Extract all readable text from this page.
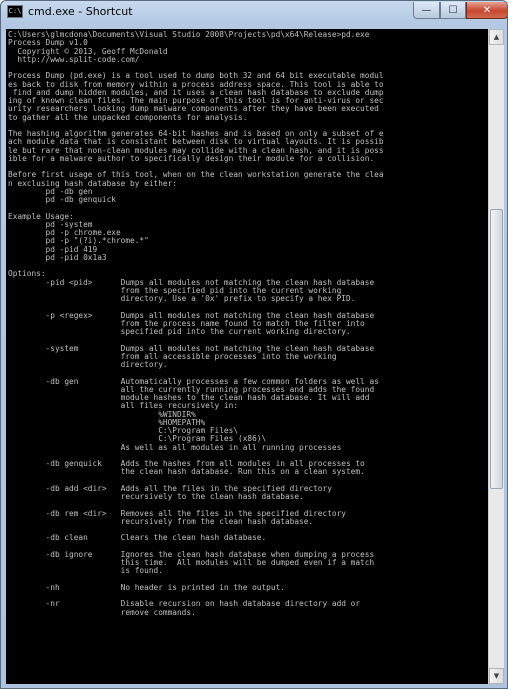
C:\ cmd.exe - Shortcut	— ☐	✕
C:\Users\glmcdona\Documents\Visual Studio 2008\Projects\pd\x64\Release>pd.exe
Process Dump v1.0
Copyright © 2013, Geoff McDonald
http://www.split-code.com/

Process Dump (pd.exe) is a tool used to dump both 32 and 64 bit executable modul
es back to disk from memory within a process address space. This tool is able to
find and dump hidden modules, and it uses a clean hash database to exclude dump
ing of known clean files. The main purpose of this tool is for anti-virus or sec
urity researchers looking dump malware components after they have been executed
to gather all the unpacked components for analysis.

The hashing algorithm generates 64-bit hashes and is based on only a subset of e
ach module data that is consistant between disk to virtual layouts. It is possib
le but rare that non-clean modules may collide with a clean hash, and it is poss
ible for a malware author to specifically design their module for a collision.

Before first usage of this tool, when on the clean workstation generate the clea
n exclusing hash database by either:
pd -db gen
pd -db genquick

Example Usage:
pd -system
pd -p chrome.exe
pd -p "(?i).*chrome.*"
pd -pid 419
pd -pid 0x1a3

Options:
-pid <pid>      Dumps all modules not matching the clean hash database
from the specified pid into the current working
directory. Use a '0x' prefix to specify a hex PID.

-p <regex>      Dumps all modules not matching the clean hash database
from the process name found to match the filter into
specified pid into the current working directory.

-system         Dumps all modules not matching the clean hash database
from all accessible processes into the working
directory.

-db gen         Automatically processes a few common folders as well as
all the currently running processes and adds the found
module hashes to the clean hash database. It will add
all files recursively in:
%WINDIR%
%HOMEPATH%
C:\Program Files\
C:\Program Files (x86)\
As well as all modules in all running processes

-db genquick    Adds the hashes from all modules in all processes to
the clean hash database. Run this on a clean system.

-db add <dir>   Adds all the files in the specified directory
recursively to the clean hash database.

-db rem <dir>   Removes all the files in the specified directory
recursively from the clean hash database.

-db clean       Clears the clean hash database.

-db ignore      Ignores the clean hash database when dumping a process
this time.  All modules will be dumped even if a match
is found.

-nh             No header is printed in the output.

-nr             Disable recursion on hash database directory add or
remove commands.

▲
▼
